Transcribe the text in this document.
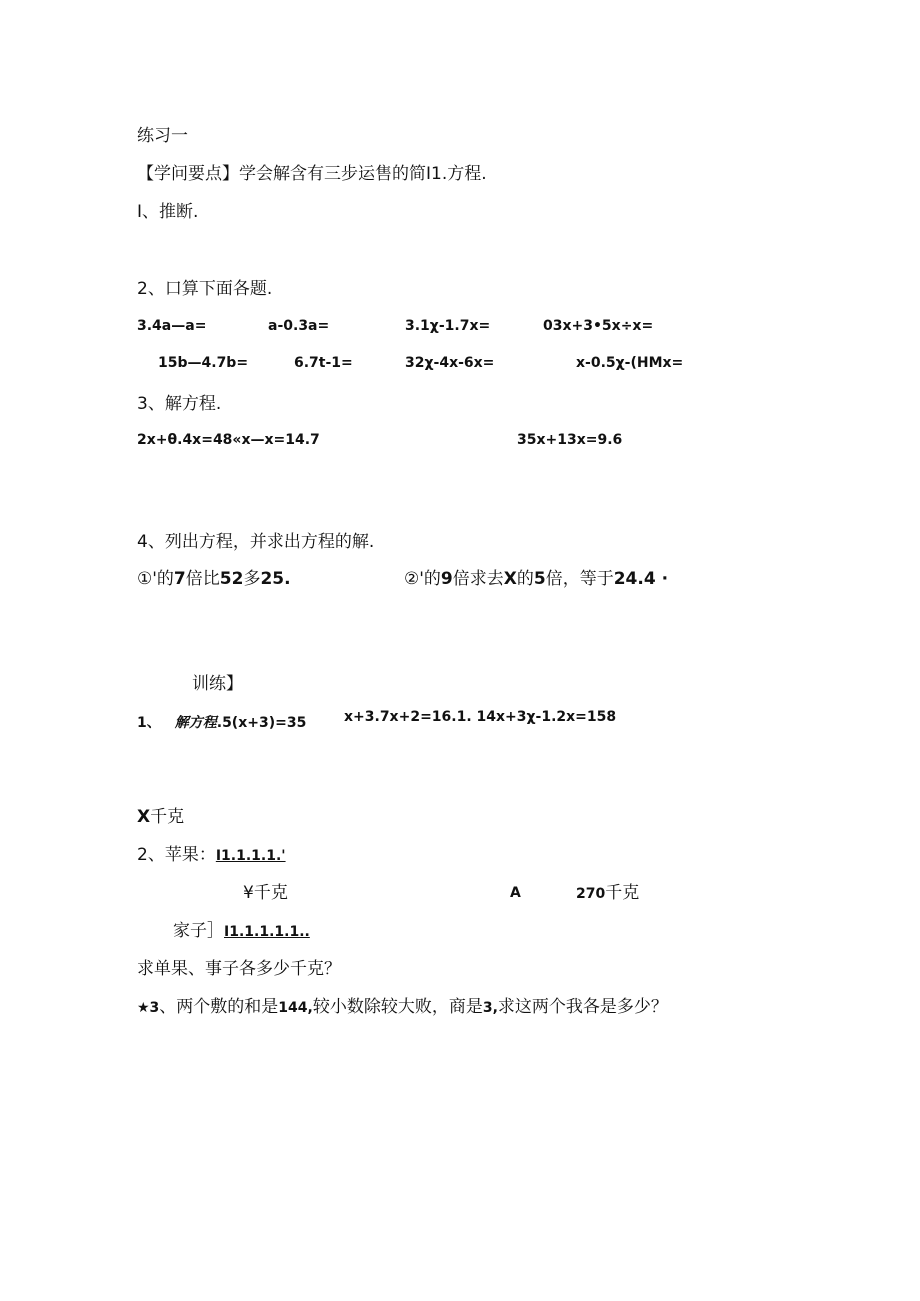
练习一
【学问要点】学会解含有三步运售的简I1.方程.
I、推断.
2、口算下面各题.
3.4a—a=	a-0.3a=	3.1χ-1.7x=	03x+3•5x÷x=
15b—4.7b=	6.7t-1=	32χ-4x-6x=	x-0.5χ-(HMx=
3、解方程.
2x+θ.4x=48«x—x=14.7	35x+13x=9.6
4、列出方程，并求出方程的解.
①'的7倍比52多25.	②'的9倍求去X的5倍，等于24.4 ·
训练】
1、 解方程.5(x+3)=35	x+3.7x+2=16.1. 14x+3χ-1.2x=158
X千克
2、苹果：I1.1.1.1.'
¥千克	A	270千克
家子］I1.1.1.1.1..
求单果、事子各多少千克？
★3、两个敷的和是144,较小数除较大败，商是3,求这两个我各是多少？
